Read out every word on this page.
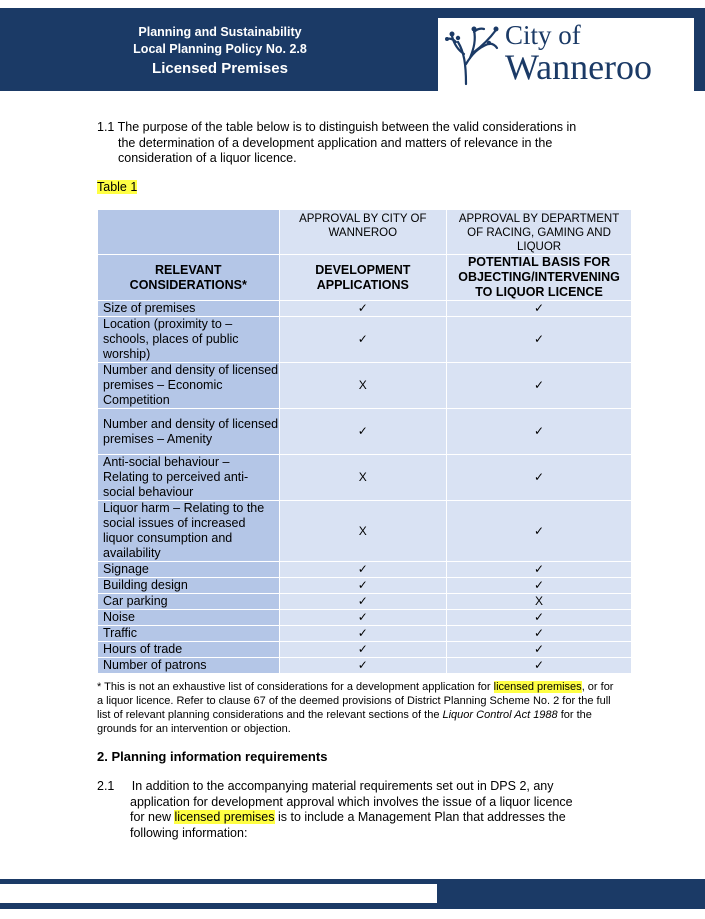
Planning and Sustainability
Local Planning Policy No. 2.8
Licensed Premises
City of
Wanneroo
1.1 The purpose of the table below is to distinguish between the valid considerations in
the determination of a development application and matters of relevance in the
consideration of a liquor licence.
Table 1

	APPROVAL BY CITY OF WANNEROO	APPROVAL BY DEPARTMENT OF RACING, GAMING AND LIQUOR

RELEVANT CONSIDERATIONS*	DEVELOPMENT APPLICATIONS	POTENTIAL BASIS FOR OBJECTING/INTERVENING TO LIQUOR LICENCE

Size of premises	✓	✓
Location (proximity to – schools, places of public worship)	✓	✓
Number and density of licensed premises – Economic Competition	X	✓
Number and density of licensed premises – Amenity	✓	✓
Anti-social behaviour – Relating to perceived anti-social behaviour	X	✓
Liquor harm – Relating to the social issues of increased liquor consumption and availability	X	✓
Signage	✓	✓
Building design	✓	✓
Car parking	✓	X
Noise	✓	✓
Traffic	✓	✓
Hours of trade	✓	✓
Number of patrons	✓	✓
* This is not an exhaustive list of considerations for a development application for licensed premises, or for a liquor licence. Refer to clause 67 of the deemed provisions of District Planning Scheme No. 2 for the full list of relevant planning considerations and the relevant sections of the Liquor Control Act 1988 for the grounds for an intervention or objection.
2. Planning information requirements
2.1     In addition to the accompanying material requirements set out in DPS 2, any
application for development approval which involves the issue of a liquor licence
for new licensed premises is to include a Management Plan that addresses the
following information:
